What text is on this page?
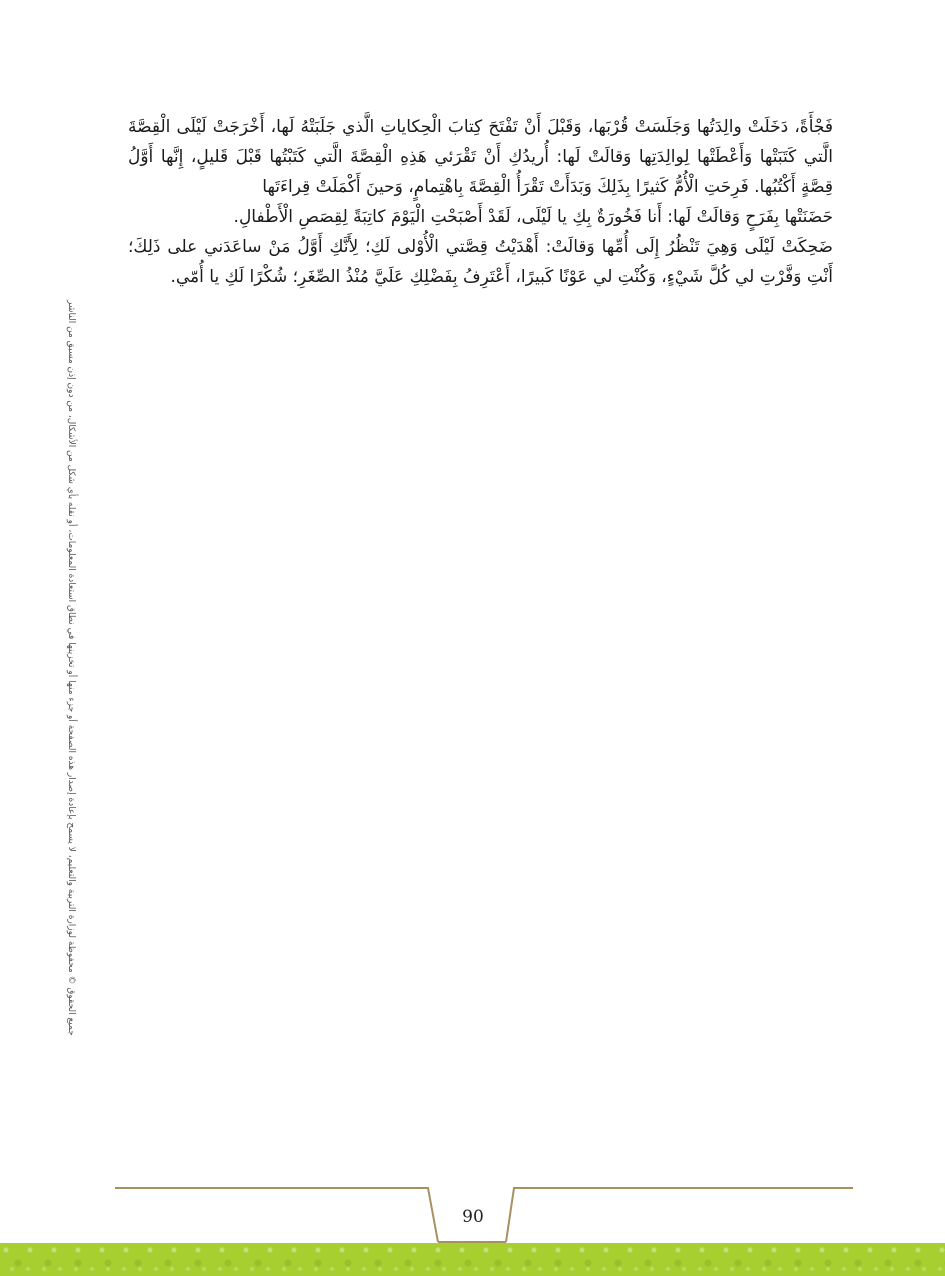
فَجْأَةً، دَخَلَتْ والِدَتُها وَجَلَسَتْ قُرْبَها، وَقَبْلَ أَنْ تَفْتَحَ كِتابَ الْحِكاياتِ الَّذي جَلَبَتْهُ لَها، أَخْرَجَتْ لَيْلَى الْقِصَّةَ الَّتي كَتَبَتْها وَأَعْطَتْها لِوالِدَتِها وَقالَتْ لَها: أُريدُكِ أَنْ تَقْرَئي هَذِهِ الْقِصَّةَ الَّتي كَتَبْتُها قَبْلَ قَليلٍ، إِنَّها أَوَّلُ قِصَّةٍ أَكْتُبُها. فَرِحَتِ الْأُمُّ كَثيرًا بِذَلِكَ وَبَدَأَتْ تَقْرَأُ الْقِصَّةَ بِاهْتِمامٍ، وَحينَ أَكْمَلَتْ قِراءَتَها

حَضَنَتْها بِفَرَحٍ وَقالَتْ لَها: أَنا فَخُورَةٌ بِكِ يا لَيْلَى، لَقَدْ أَصْبَحْتِ الْيَوْمَ كاتِبَةً لِقِصَصِ الْأَطْفالِ.

ضَحِكَتْ لَيْلَى وَهِيَ تَنْظُرُ إِلَى أُمِّها وَقالَتْ: أَهْدَيْتُ قِصَّتي الْأُوْلى لَكِ؛ لِأَنَّكِ أَوَّلُ مَنْ ساعَدَني على ذَلِكَ؛ أَنْتِ وَفَّرْتِ لي كُلَّ شَيْءٍ، وَكُنْتِ لي عَوْنًا كَبيرًا، أَعْتَرِفُ بِفَضْلِكِ عَلَيَّ مُنْذُ الصِّغَرِ؛ شُكْرًا لَكِ يا أُمّي.

جميع الحقوق © محفوظة لوزارة التربية والتعليم، لا يسمح بإعادة إصدار هذه الصفحة أو جزء منها أو تخزينها في نطاق استعادة المعلومات، أو نقله بأي شكل من الأشكال، من دون إذن مسبق من الناشر
90
